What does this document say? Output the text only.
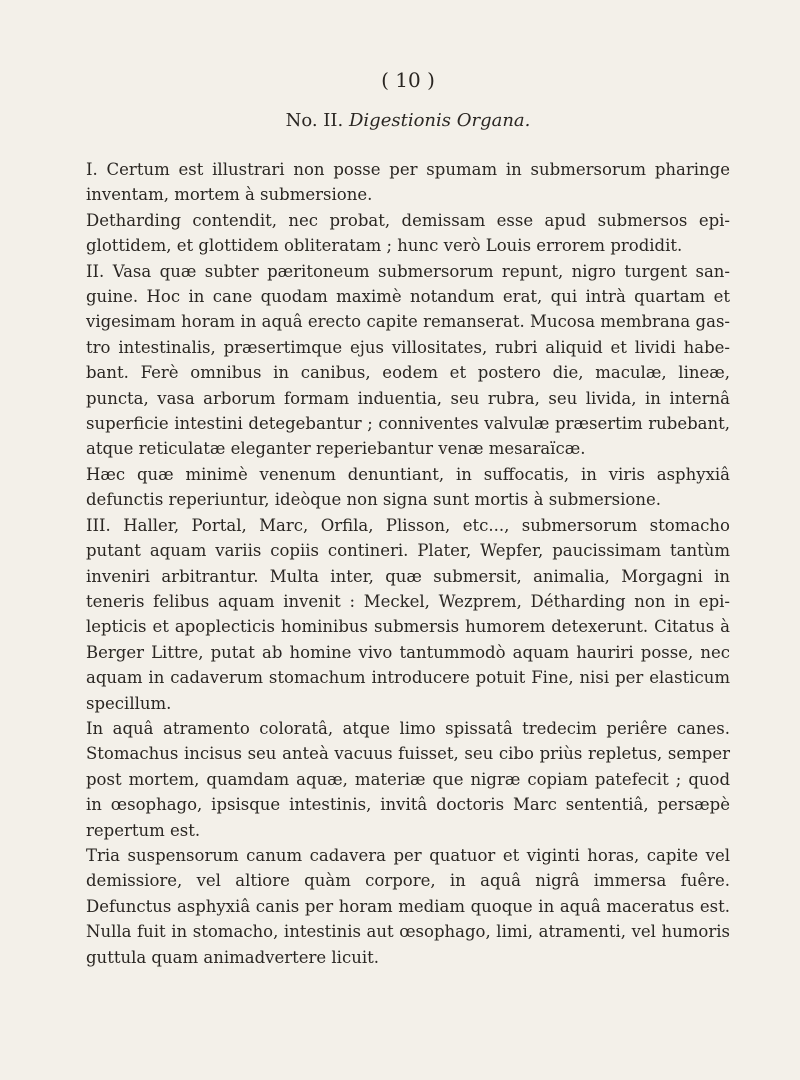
( 10 )
No. II. Digestionis Organa.

I. Certum est illustrari non posse per spumam in submersorum pharinge inventam, mortem à submersione.

Detharding contendit, nec probat, demissam esse apud submersos epi-glottidem, et glottidem obliteratam ; hunc verò Louis errorem prodidit.

II. Vasa quæ subter pæritoneum submersorum repunt, nigro turgent san-guine. Hoc in cane quodam maximè notandum erat, qui intrà quartam et vigesimam horam in aquâ erecto capite remanserat. Mucosa membrana gas-tro intestinalis, præsertimque ejus villositates, rubri aliquid et lividi habe-bant. Ferè omnibus in canibus, eodem et postero die, maculæ, lineæ, puncta, vasa arborum formam induentia, seu rubra, seu livida, in internâ superficie intestini detegebantur ; conniventes valvulæ præsertim rubebant, atque reticulatæ eleganter reperiebantur venæ mesaraïcæ.

Hæc quæ minimè venenum denuntiant, in suffocatis, in viris asphyxiâ defunctis reperiuntur, ideòque non signa sunt mortis à submersione.

III. Haller, Portal, Marc, Orfila, Plisson, etc..., submersorum stomacho putant aquam variis copiis contineri. Plater, Wepfer, paucissimam tantùm inveniri arbitrantur. Multa inter, quæ submersit, animalia, Morgagni in teneris felibus aquam invenit : Meckel, Wezprem, Détharding non in epi-lepticis et apoplecticis hominibus submersis humorem detexerunt. Citatus à Berger Littre, putat ab homine vivo tantummodò aquam hauriri posse, nec aquam in cadaverum stomachum introducere potuit Fine, nisi per elasticum specillum.

In aquâ atramento coloratâ, atque limo spissatâ tredecim periêre canes. Stomachus incisus seu anteà vacuus fuisset, seu cibo priùs repletus, semper post mortem, quamdam aquæ, materiæ que nigræ copiam patefecit ; quod in œsophago, ipsisque intestinis, invitâ doctoris Marc sententiâ, persæpè repertum est.

Tria suspensorum canum cadavera per quatuor et viginti horas, capite vel demissiore, vel altiore quàm corpore, in aquâ nigrâ immersa fuêre. Defunctus asphyxiâ canis per horam mediam quoque in aquâ maceratus est. Nulla fuit in stomacho, intestinis aut œsophago, limi, atramenti, vel humoris guttula quam animadvertere licuit.
